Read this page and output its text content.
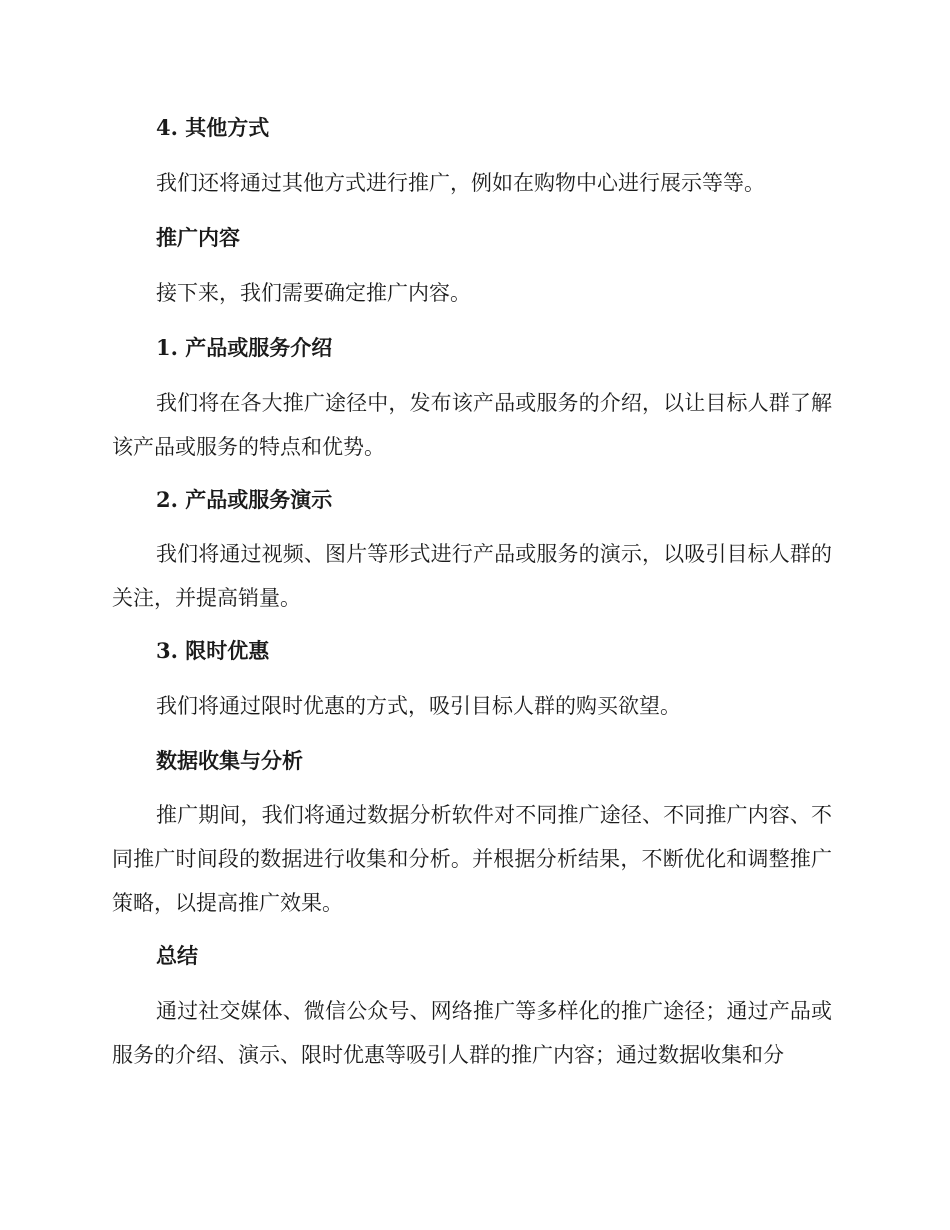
4. 其他方式

我们还将通过其他方式进行推广，例如在购物中心进行展示等等。

推广内容

接下来，我们需要确定推广内容。

1. 产品或服务介绍

我们将在各大推广途径中，发布该产品或服务的介绍，以让目标人群了解该产品或服务的特点和优势。

2. 产品或服务演示

我们将通过视频、图片等形式进行产品或服务的演示，以吸引目标人群的关注，并提高销量。

3. 限时优惠

我们将通过限时优惠的方式，吸引目标人群的购买欲望。

数据收集与分析

推广期间，我们将通过数据分析软件对不同推广途径、不同推广内容、不同推广时间段的数据进行收集和分析。并根据分析结果，不断优化和调整推广策略，以提高推广效果。

总结

通过社交媒体、微信公众号、网络推广等多样化的推广途径；通过产品或服务的介绍、演示、限时优惠等吸引人群的推广内容；通过数据收集和分
